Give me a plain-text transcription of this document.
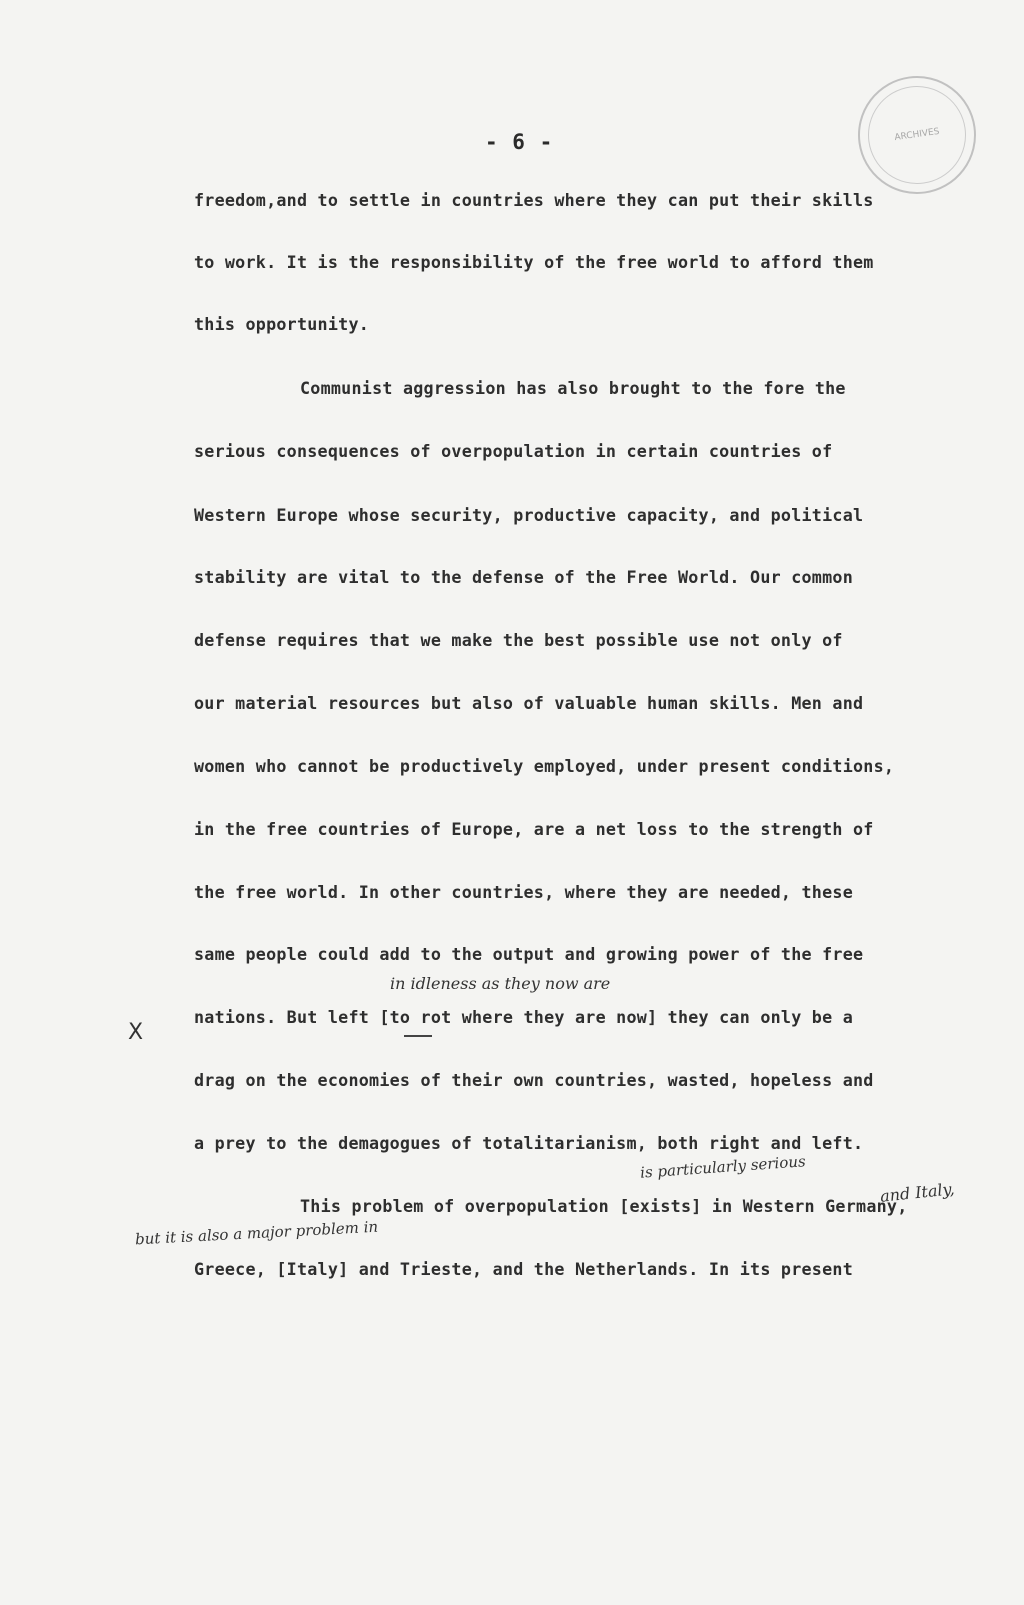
ARCHIVES
- 6 -
freedom,and to settle in countries where they can put their skills
to work. It is the responsibility of the free world to afford them
this opportunity.
Communist aggression has also brought to the fore the
serious consequences of overpopulation in certain countries of
Western Europe whose security, productive capacity, and political
stability are vital to the defense of the Free World. Our common
defense requires that we make the best possible use not only of
our material resources but also of valuable human skills. Men and
women who cannot be productively employed, under present conditions,
in the free countries of Europe, are a net loss to the strength of
the free world. In other countries, where they are needed, these
same people could add to the output and growing power of the free
in idleness as they now are
X
nations. But left [to rot where they are now] they can only be a
drag on the economies of their own countries, wasted, hopeless and
a prey to the demagogues of totalitarianism, both right and left.
is particularly serious
This problem of overpopulation [exists] in Western Germany,
and Italy,
but it is also a major problem in
Greece, [Italy] and Trieste, and the Netherlands. In its present
